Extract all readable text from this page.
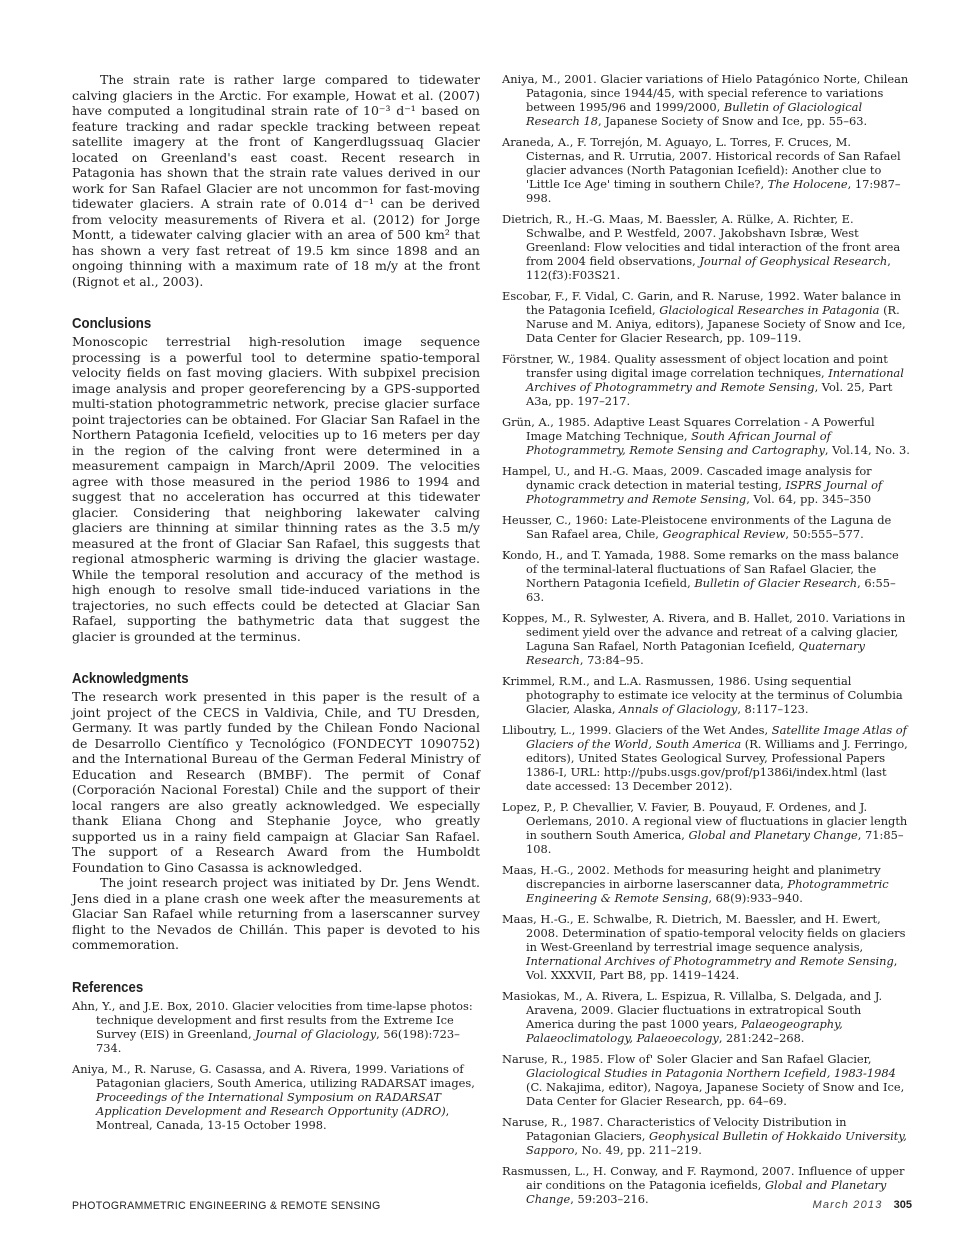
The strain rate is rather large compared to tidewater calving glaciers in the Arctic. For example, Howat et al. (2007) have computed a longitudinal strain rate of 10⁻³ d⁻¹ based on feature tracking and radar speckle tracking between repeat satellite imagery at the front of Kangerdlugssuaq Glacier located on Greenland's east coast. Recent research in Patagonia has shown that the strain rate values derived in our work for San Rafael Glacier are not uncommon for fast-moving tidewater glaciers. A strain rate of 0.014 d⁻¹ can be derived from velocity measurements of Rivera et al. (2012) for Jorge Montt, a tidewater calving glacier with an area of 500 km² that has shown a very fast retreat of 19.5 km since 1898 and an ongoing thinning with a maximum rate of 18 m/y at the front (Rignot et al., 2003).

Conclusions

Monoscopic terrestrial high-resolution image sequence processing is a powerful tool to determine spatio-temporal velocity fields on fast moving glaciers. With subpixel precision image analysis and proper georeferencing by a GPS-supported multi-station photogrammetric network, precise glacier surface point trajectories can be obtained. For Glaciar San Rafael in the Northern Patagonia Icefield, velocities up to 16 meters per day in the region of the calving front were determined in a measurement campaign in March/April 2009. The velocities agree with those measured in the period 1986 to 1994 and suggest that no acceleration has occurred at this tidewater glacier. Considering that neighboring lakewater calving glaciers are thinning at similar thinning rates as the 3.5 m/y measured at the front of Glaciar San Rafael, this suggests that regional atmospheric warming is driving the glacier wastage. While the temporal resolution and accuracy of the method is high enough to resolve small tide-induced variations in the trajectories, no such effects could be detected at Glaciar San Rafael, supporting the bathymetric data that suggest the glacier is grounded at the terminus.

Acknowledgments

The research work presented in this paper is the result of a joint project of the CECS in Valdivia, Chile, and TU Dresden, Germany. It was partly funded by the Chilean Fondo Nacional de Desarrollo Científico y Tecnológico (FONDECYT 1090752) and the International Bureau of the German Federal Ministry of Education and Research (BMBF). The permit of Conaf (Corporación Nacional Forestal) Chile and the support of their local rangers are also greatly acknowledged. We especially thank Eliana Chong and Stephanie Joyce, who greatly supported us in a rainy field campaign at Glaciar San Rafael. The support of a Research Award from the Humboldt Foundation to Gino Casassa is acknowledged.

The joint research project was initiated by Dr. Jens Wendt. Jens died in a plane crash one week after the measurements at Glaciar San Rafael while returning from a laserscanner survey flight to the Nevados de Chillán. This paper is devoted to his commemoration.

References

Ahn, Y., and J.E. Box, 2010. Glacier velocities from time-lapse photos: technique development and first results from the Extreme Ice Survey (EIS) in Greenland, Journal of Glaciology, 56(198):723–734.

Aniya, M., R. Naruse, G. Casassa, and A. Rivera, 1999. Variations of Patagonian glaciers, South America, utilizing RADARSAT images, Proceedings of the International Symposium on RADARSAT Application Development and Research Opportunity (ADRO), Montreal, Canada, 13-15 October 1998.

Aniya, M., 2001. Glacier variations of Hielo Patagónico Norte, Chilean Patagonia, since 1944/45, with special reference to variations between 1995/96 and 1999/2000, Bulletin of Glaciological Research 18, Japanese Society of Snow and Ice, pp. 55–63.

Araneda, A., F. Torrejón, M. Aguayo, L. Torres, F. Cruces, M. Cisternas, and R. Urrutia, 2007. Historical records of San Rafael glacier advances (North Patagonian Icefield): Another clue to 'Little Ice Age' timing in southern Chile?, The Holocene, 17:987–998.

Dietrich, R., H.-G. Maas, M. Baessler, A. Rülke, A. Richter, E. Schwalbe, and P. Westfeld, 2007. Jakobshavn Isbræ, West Greenland: Flow velocities and tidal interaction of the front area from 2004 field observations, Journal of Geophysical Research, 112(f3):F03S21.

Escobar, F., F. Vidal, C. Garin, and R. Naruse, 1992. Water balance in the Patagonia Icefield, Glaciological Researches in Patagonia (R. Naruse and M. Aniya, editors), Japanese Society of Snow and Ice, Data Center for Glacier Research, pp. 109–119.

Förstner, W., 1984. Quality assessment of object location and point transfer using digital image correlation techniques, International Archives of Photogrammetry and Remote Sensing, Vol. 25, Part A3a, pp. 197–217.

Grün, A., 1985. Adaptive Least Squares Correlation - A Powerful Image Matching Technique, South African Journal of Photogrammetry, Remote Sensing and Cartography, Vol.14, No. 3.

Hampel, U., and H.-G. Maas, 2009. Cascaded image analysis for dynamic crack detection in material testing, ISPRS Journal of Photogrammetry and Remote Sensing, Vol. 64, pp. 345–350

Heusser, C., 1960: Late-Pleistocene environments of the Laguna de San Rafael area, Chile, Geographical Review, 50:555–577.

Kondo, H., and T. Yamada, 1988. Some remarks on the mass balance of the terminal-lateral fluctuations of San Rafael Glacier, the Northern Patagonia Icefield, Bulletin of Glacier Research, 6:55–63.

Koppes, M., R. Sylwester, A. Rivera, and B. Hallet, 2010. Variations in sediment yield over the advance and retreat of a calving glacier, Laguna San Rafael, North Patagonian Icefield, Quaternary Research, 73:84–95.

Krimmel, R.M., and L.A. Rasmussen, 1986. Using sequential photography to estimate ice velocity at the terminus of Columbia Glacier, Alaska, Annals of Glaciology, 8:117–123.

Lliboutry, L., 1999. Glaciers of the Wet Andes, Satellite Image Atlas of Glaciers of the World, South America (R. Williams and J. Ferringo, editors), United States Geological Survey, Professional Papers 1386-I, URL: http://pubs.usgs.gov/prof/p1386i/index.html (last date accessed: 13 December 2012).

Lopez, P., P. Chevallier, V. Favier, B. Pouyaud, F. Ordenes, and J. Oerlemans, 2010. A regional view of fluctuations in glacier length in southern South America, Global and Planetary Change, 71:85–108.

Maas, H.-G., 2002. Methods for measuring height and planimetry discrepancies in airborne laserscanner data, Photogrammetric Engineering & Remote Sensing, 68(9):933–940.

Maas, H.-G., E. Schwalbe, R. Dietrich, M. Baessler, and H. Ewert, 2008. Determination of spatio-temporal velocity fields on glaciers in West-Greenland by terrestrial image sequence analysis, International Archives of Photogrammetry and Remote Sensing, Vol. XXXVII, Part B8, pp. 1419–1424.

Masiokas, M., A. Rivera, L. Espizua, R. Villalba, S. Delgada, and J. Aravena, 2009. Glacier fluctuations in extratropical South America during the past 1000 years, Palaeogeography, Palaeoclimatology, Palaeoecology, 281:242–268.

Naruse, R., 1985. Flow of' Soler Glacier and San Rafael Glacier, Glaciological Studies in Patagonia Northern Icefield, 1983-1984 (C. Nakajima, editor), Nagoya, Japanese Society of Snow and Ice, Data Center for Glacier Research, pp. 64–69.

Naruse, R., 1987. Characteristics of Velocity Distribution in Patagonian Glaciers, Geophysical Bulletin of Hokkaido University, Sapporo, No. 49, pp. 211–219.

Rasmussen, L., H. Conway, and F. Raymond, 2007. Influence of upper air conditions on the Patagonia icefields, Global and Planetary Change, 59:203–216.

PHOTOGRAMMETRIC ENGINEERING & REMOTE SENSING	March 2013 305
